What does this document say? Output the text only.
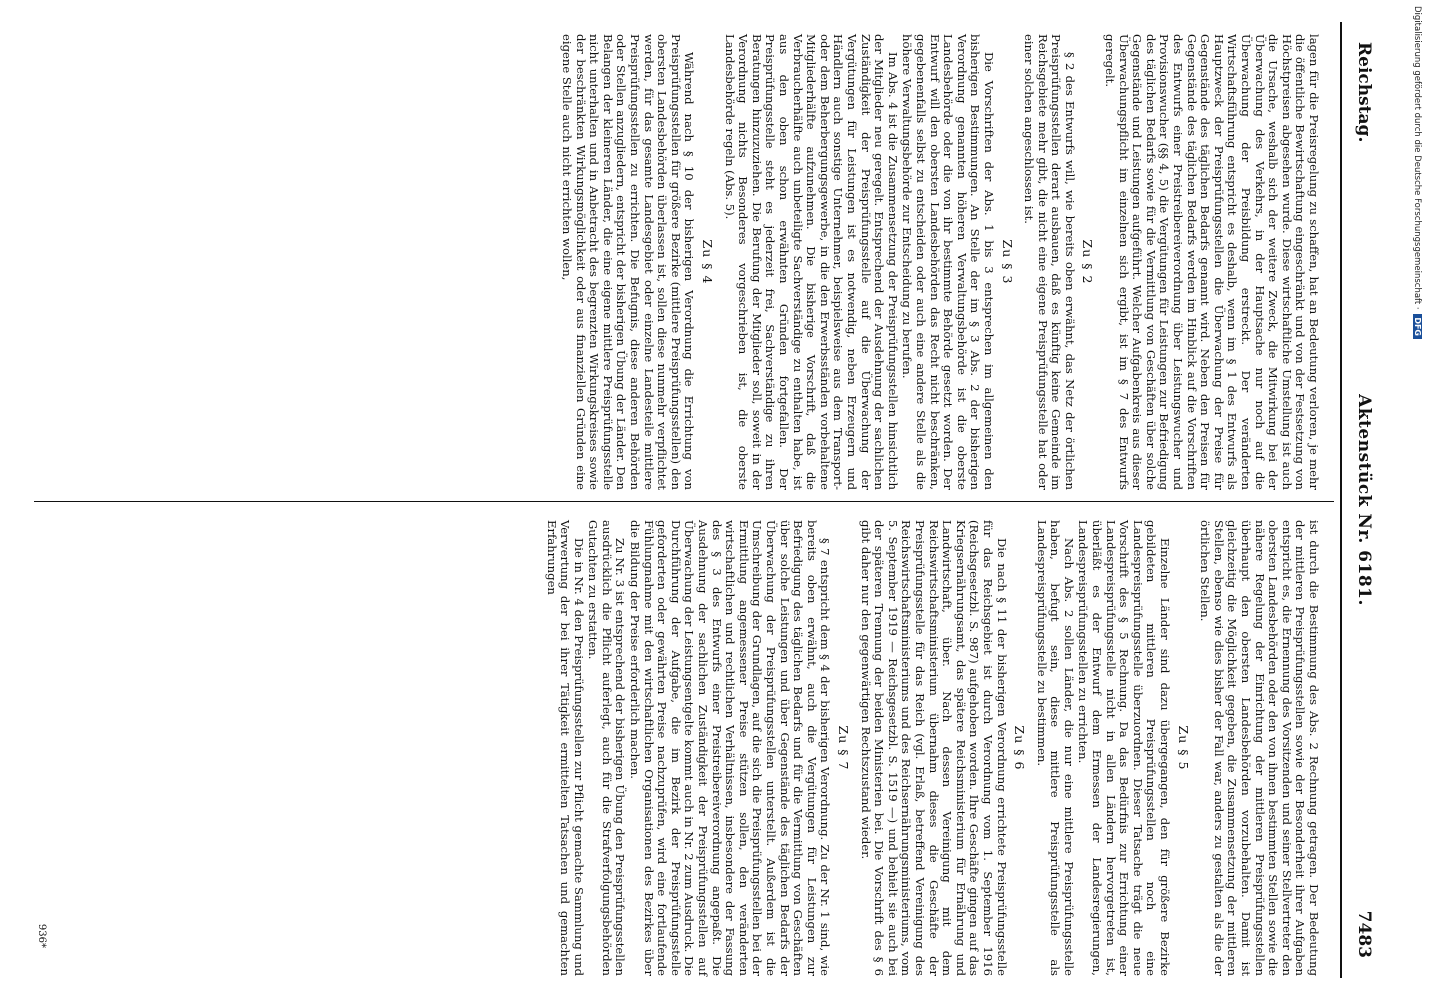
Reichstag.
Aktenstück Nr. 6181.
7483

lagen für die Preisregelung zu schaffen, hat an Bedeutung verloren, je mehr die öffentliche Bewirtschaftung eingeschränkt und von der Festsetzung von Höchstpreisen abgesehen wurde. Diese wirtschaftliche Umstellung ist auch die Ursache, weshalb sich der weitere Zweck, die Mitwirkung bei der Überwachung des Verkehrs, in der Hauptsache nur noch auf die Überwachung der Preisbildung erstreckt. Der veränderten Wirtschaftsführung entspricht es deshalb, wenn im § 1 des Entwurfs als Hauptzweck der Preisprüfungsstellen die Überwachung der Preise für Gegenstände des täglichen Bedarfs genannt wird. Neben den Preisen für Gegenstände des täglichen Bedarfs werden im Hinblick auf die Vorschriften des Entwurfs einer Preistreibereiverordnung über Leistungswucher und Provisionswucher (§§ 4, 5) die Vergütungen für Leistungen zur Befriedigung des täglichen Bedarfs sowie für die Vermittlung von Geschäften über solche Gegenstände und Leistungen aufgeführt. Welcher Aufgabenkreis aus dieser Überwachungspflicht im einzelnen sich ergibt, ist im § 7 des Entwurfs geregelt.

Zu § 2

§ 2 des Entwurfs will, wie bereits oben erwähnt, das Netz der örtlichen Preisprüfungsstellen derart ausbauen, daß es künftig keine Gemeinde im Reichsgebiete mehr gibt, die nicht eine eigene Preisprüfungsstelle hat oder einer solchen angeschlossen ist.

Zu § 3

Die Vorschriften der Abs. 1 bis 3 entsprechen im allgemeinen den bisherigen Bestimmungen. An Stelle der im § 3 Abs. 2 der bisherigen Verordnung genannten höheren Verwaltungsbehörde ist die oberste Landesbehörde oder die von ihr bestimmte Behörde gesetzt worden. Der Entwurf will den obersten Landesbehörden das Recht nicht beschränken, gegebenenfalls selbst zu entscheiden oder auch eine andere Stelle als die höhere Verwaltungsbehörde zur Entscheidung zu berufen.

Im Abs. 4 ist die Zusammensetzung der Preisprüfungsstellen hinsichtlich der Mitglieder neu geregelt. Entsprechend der Ausdehnung der sachlichen Zuständigkeit der Preisprüfungsstelle auf die Überwachung der Vergütungen für Leistungen ist es notwendig, neben Erzeugern und Händlern auch sonstige Unternehmer, beispielsweise aus dem Transport- oder dem Beherbergungsgewerbe, in die den Erwerbsständen vorbehaltene Mitgliederhälfte aufzunehmen. Die bisherige Vorschrift, daß die Verbraucherhälfte auch unbeteiligte Sachverständige zu enthalten habe, ist aus den oben schon erwähnten Gründen fortgefallen. Der Preisprüfungsstelle steht es jederzeit frei, Sachverständige zu ihren Beratungen hinzuzuziehen. Die Berufung der Mitglieder soll, soweit in der Verordnung nichts Besonderes vorgeschrieben ist, die oberste Landesbehörde regeln (Abs. 5).

Zu § 4

Während nach § 10 der bisherigen Verordnung die Errichtung von Preisprüfungsstellen für größere Bezirke (mittlere Preisprüfungsstellen) den obersten Landesbehörden überlassen ist, sollen diese nunmehr verpflichtet werden, für das gesamte Landesgebiet oder einzelne Landesteile mittlere Preisprüfungsstellen zu errichten. Die Befugnis, diese anderen Behörden oder Stellen anzugliedern, entspricht der bisherigen Übung der Länder. Den Belangen der kleineren Länder, die eine eigene mittlere Preisprüfungsstelle nicht unterhalten und in Anbetracht des begrenzten Wirkungskreises sowie der beschränkten Wirkungsmöglichkeit oder aus finanziellen Gründen eine eigene Stelle auch nicht errichten wollen,

ist durch die Bestimmung des Abs. 2 Rechnung getragen. Der Bedeutung der mittleren Preisprüfungsstellen sowie der Besonderheit ihrer Aufgaben entspricht es, die Ernennung des Vorsitzenden und seiner Stellvertreter den obersten Landesbehörden oder den von ihnen bestimmten Stellen sowie die nähere Regelung der Einrichtung der mittleren Preisprüfungsstellen überhaupt den obersten Landesbehörden vorzubehalten. Damit ist gleichzeitig die Möglichkeit gegeben, die Zusammensetzung der mittleren Stellen, ebenso wie dies bisher der Fall war, anders zu gestalten als die der örtlichen Stellen.

Zu § 5

Einzelne Länder sind dazu übergegangen, den für größere Bezirke gebildeten mittleren Preisprüfungsstellen noch eine Landespreisprüfungsstelle überzuordnen. Dieser Tatsache trägt die neue Vorschrift des § 5 Rechnung. Da das Bedürfnis zur Errichtung einer Landespreisprüfungsstelle nicht in allen Ländern hervorgetreten ist, überläßt es der Entwurf dem Ermessen der Landesregierungen, Landespreisprüfungsstellen zu errichten.

Nach Abs. 2 sollen Länder, die nur eine mittlere Preisprüfungsstelle haben, befugt sein, diese mittlere Preisprüfungsstelle als Landespreisprüfungsstelle zu bestimmen.

Zu § 6

Die nach § 11 der bisherigen Verordnung errichtete Preisprüfungsstelle für das Reichsgebiet ist durch Verordnung vom 1. September 1916 (Reichsgesetzbl. S. 987) aufgehoben worden. Ihre Geschäfte gingen auf das Kriegsernährungsamt, das spätere Reichsministerium für Ernährung und Landwirtschaft, über. Nach dessen Vereinigung mit dem Reichswirtschaftsministerium übernahm dieses die Geschäfte der Preisprüfungsstelle für das Reich (vgl. Erlaß, betreffend Vereinigung des Reichswirtschaftsministeriums und des Reichsernährungsministeriums, vom 5. September 1919 — Reichsgesetzbl. S. 1519 —) und behielt sie auch bei der späteren Trennung der beiden Ministerien bei. Die Vorschrift des § 6 gibt daher nur den gegenwärtigen Rechtszustand wieder.

Zu § 7

§ 7 entspricht dem § 4 der bisherigen Verordnung. Zu der Nr. 1 sind, wie bereits oben erwähnt, auch die Vergütungen für Leistungen zur Befriedigung des täglichen Bedarfs und für die Vermittlung von Geschäften über solche Leistungen und über Gegenstände des täglichen Bedarfs der Überwachung der Preisprüfungsstellen unterstellt. Außerdem ist die Umschreibung der Grundlagen, auf die sich die Preisprüfungsstellen bei der Ermittlung angemessener Preise stützen sollen, den veränderten wirtschaftlichen und rechtlichen Verhältnissen, insbesondere der Fassung des § 3 des Entwurfs einer Preistreibereiverordnung angepaßt. Die Ausdehnung der sachlichen Zuständigkeit der Preisprüfungsstellen auf Überwachung der Leistungsentgelte kommt auch in Nr. 2 zum Ausdruck. Die Durchführung der Aufgabe, die im Bezirk der Preisprüfungsstelle geforderten oder gewährten Preise nachzuprüfen, wird eine fortlaufende Fühlungnahme mit den wirtschaftlichen Organisationen des Bezirkes über die Bildung der Preise erforderlich machen.

Zu Nr. 3 ist entsprechend der bisherigen Übung den Preisprüfungsstellen ausdrücklich die Pflicht auferlegt, auch für die Strafverfolgungsbehörden Gutachten zu erstatten.

Die in Nr. 4 den Preisprüfungsstellen zur Pflicht gemachte Sammlung und Verwertung der bei ihrer Tätigkeit ermittelten Tatsachen und gemachten Erfahrungen

936*
Digitalisierung gefördert durch die Deutsche Forschungsgemeinschaft · DFG
